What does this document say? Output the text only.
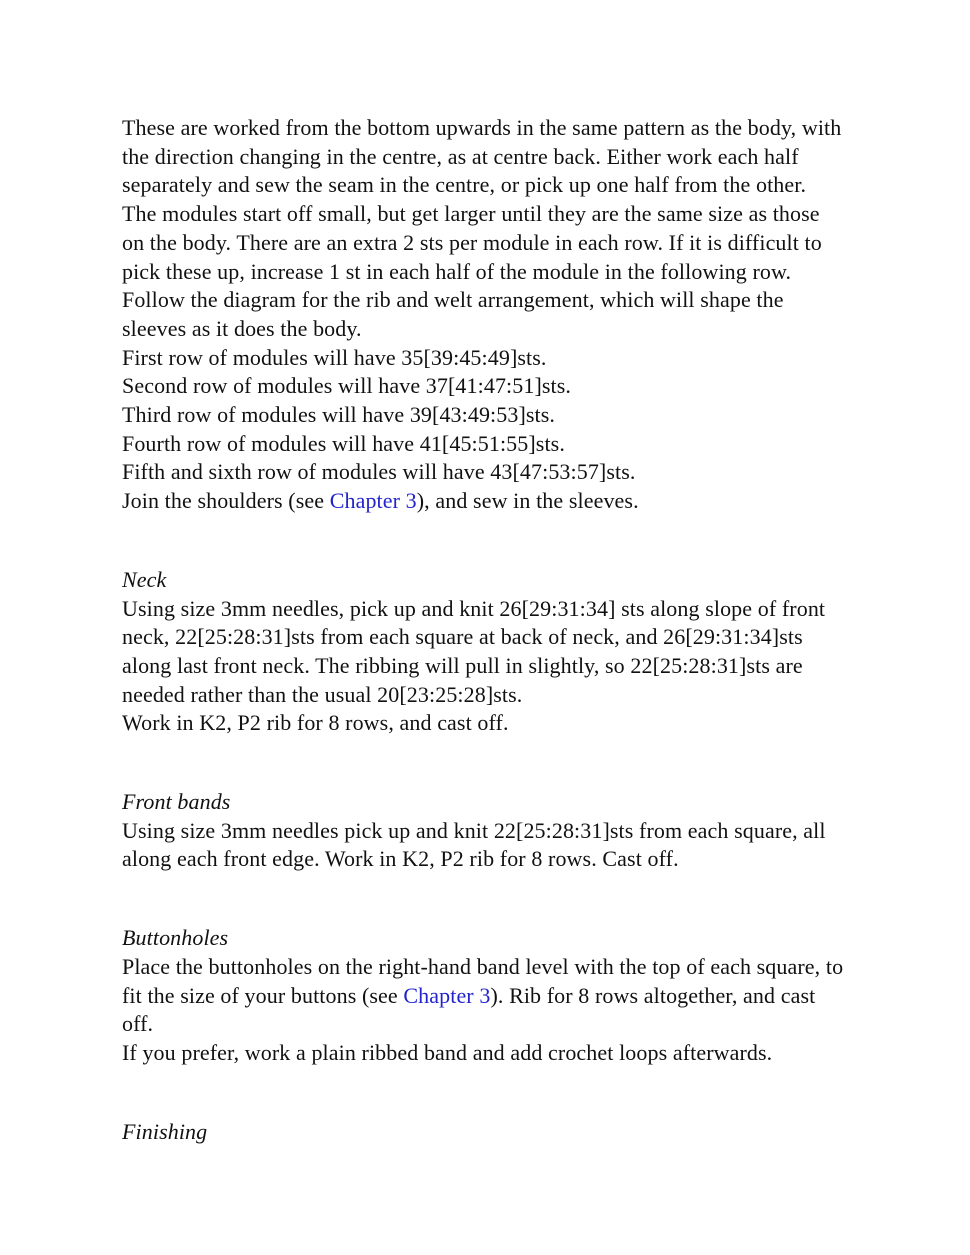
These are worked from the bottom upwards in the same pattern as the body, with the direction changing in the centre, as at centre back. Either work each half separately and sew the seam in the centre, or pick up one half from the other. The modules start off small, but get larger until they are the same size as those on the body. There are an extra 2 sts per module in each row. If it is difficult to pick these up, increase 1 st in each half of the module in the following row.

Follow the diagram for the rib and welt arrangement, which will shape the sleeves as it does the body.

First row of modules will have 35[39:45:49]sts.

Second row of modules will have 37[41:47:51]sts.

Third row of modules will have 39[43:49:53]sts.

Fourth row of modules will have 41[45:51:55]sts.

Fifth and sixth row of modules will have 43[47:53:57]sts.

Join the shoulders (see Chapter 3), and sew in the sleeves.

Neck

Using size 3mm needles, pick up and knit 26[29:31:34] sts along slope of front neck, 22[25:28:31]sts from each square at back of neck, and 26[29:31:34]sts along last front neck. The ribbing will pull in slightly, so 22[25:28:31]sts are needed rather than the usual 20[23:25:28]sts.

Work in K2, P2 rib for 8 rows, and cast off.

Front bands

Using size 3mm needles pick up and knit 22[25:28:31]sts from each square, all along each front edge. Work in K2, P2 rib for 8 rows. Cast off.

Buttonholes

Place the buttonholes on the right-hand band level with the top of each square, to fit the size of your buttons (see Chapter 3). Rib for 8 rows altogether, and cast off.

If you prefer, work a plain ribbed band and add crochet loops afterwards.

Finishing
